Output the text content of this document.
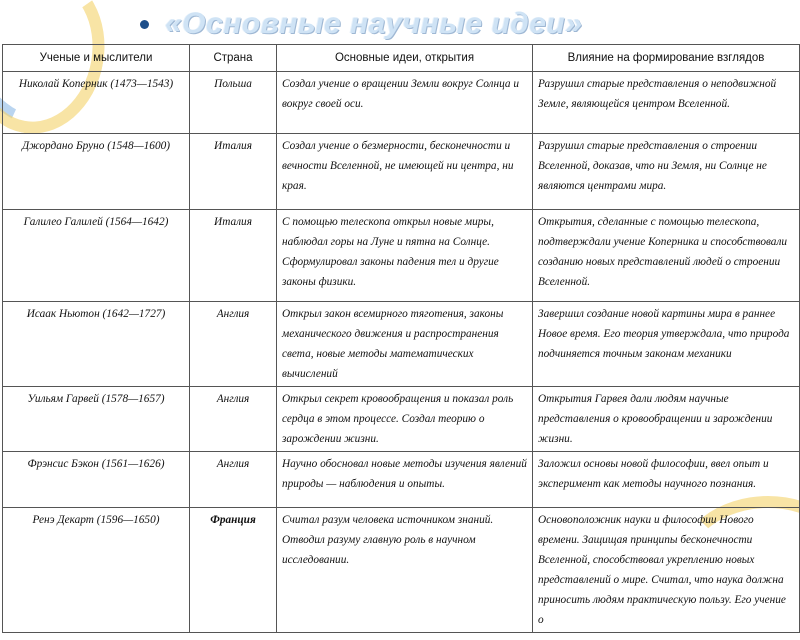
«Основные научные идеи»
Ученые и мыслители	Страна	Основные идеи, открытия	Влияние на формирование взглядов
Николай Коперник (1473—1543)	Польша	Создал учение о вращении Земли вокруг Солнца и вокруг своей оси.	Разрушил старые представления о неподвижной Земле, являющейся центром Вселенной.
Джордано Бруно (1548—1600)	Италия	Создал учение о безмерности, бесконечности и вечности Вселенной, не имеющей ни центра, ни края.	Разрушил старые представления о строении Вселенной, доказав, что ни Земля, ни Солнце не являются центрами мира.
Галилео Галилей (1564—1642)	Италия	С помощью телескопа открыл новые миры, наблюдал горы на Луне и пятна на Солнце. Сформулировал законы падения тел и другие законы физики.	Открытия, сделанные с помощью телескопа, подтверждали учение Коперника и способствовали созданию новых представлений людей о строении Вселенной.
Исаак Ньютон (1642—1727)	Англия	Открыл закон всемирного тяготения, законы механического движения и распространения света, новые методы математических вычислений	Завершил создание новой картины мира в раннее Новое время. Его теория утверждала, что природа подчиняется точным законам механики
Уильям Гарвей (1578—1657)	Англия	Открыл секрет кровообращения и показал роль сердца в этом процессе. Создал теорию о зарождении жизни.	Открытия Гарвея дали людям научные представления о кровообращении и зарождении жизни.
Фрэнсис Бэкон (1561—1626)	Англия	Научно обосновал новые методы изучения явлений природы — наблюдения и опыты.	Заложил основы новой философии, ввел опыт и эксперимент как методы научного познания.
Ренэ Декарт (1596—1650)	Франция	Считал разум человека источником знаний. Отводил разуму главную роль в научном исследовании.	Основоположник науки и философии Нового времени. Защищая принципы бесконечности Вселенной, способствовал укреплению новых представлений о мире. Считал, что наука должна приносить людям практическую пользу. Его учение о
